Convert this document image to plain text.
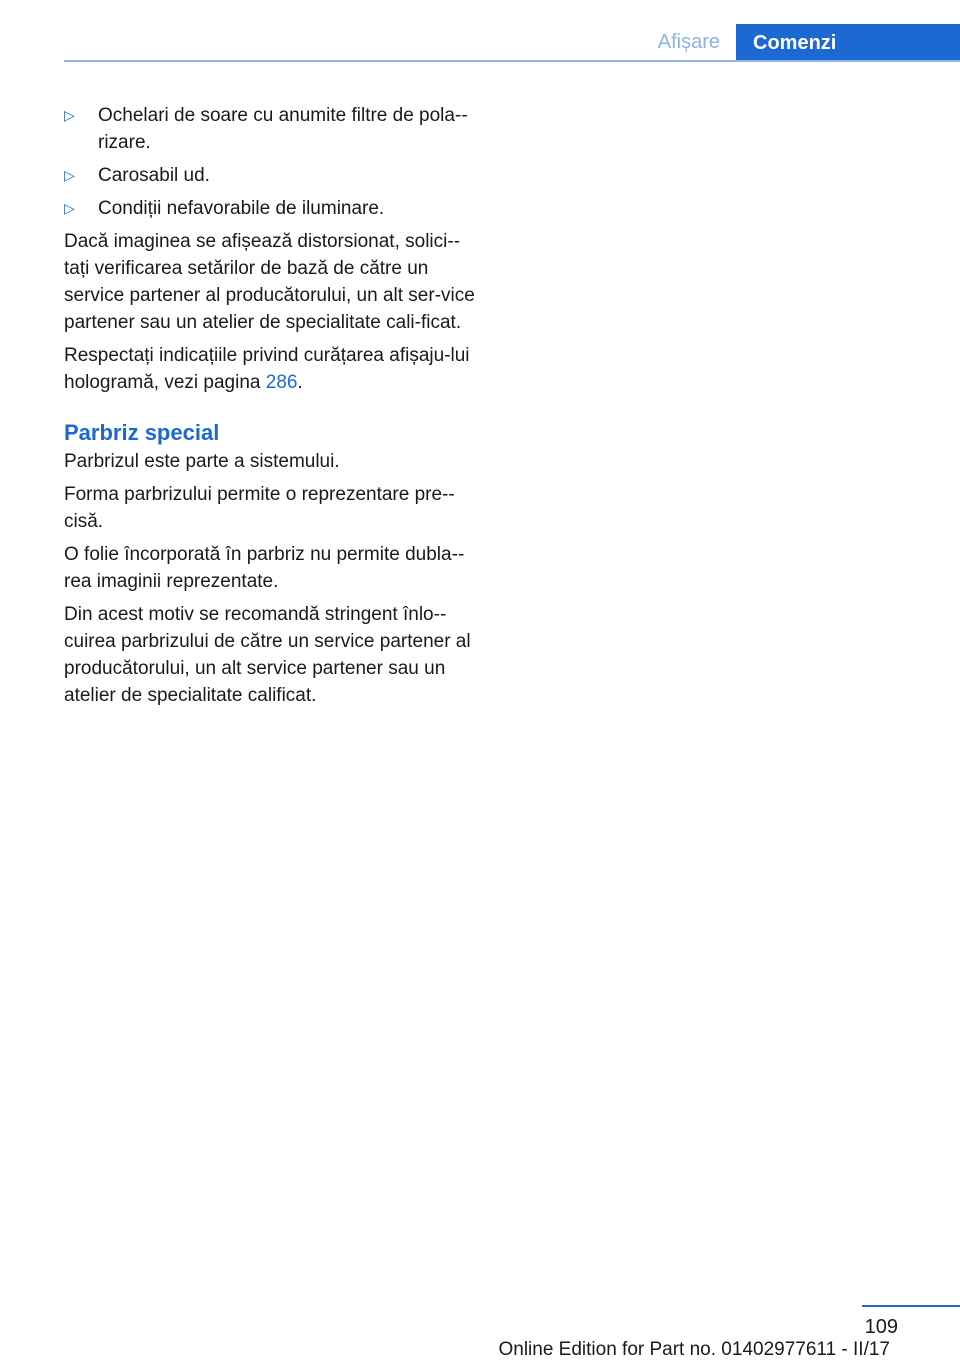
Afișare	Comenzi
▷	Ochelari de soare cu anumite filtre de pola-rizare.
▷	Carosabil ud.
▷	Condiții nefavorabile de iluminare.

Dacă imaginea se afișează distorsionat, solici-tați verificarea setărilor de bază de către un service partener al producătorului, un alt ser-vice partener sau un atelier de specialitate cali-ficat.

Respectați indicațiile privind curățarea afișaju-lui hologramă, vezi pagina 286.

Parbriz special

Parbrizul este parte a sistemului.

Forma parbrizului permite o reprezentare pre-cisă.

O folie încorporată în parbriz nu permite dubla-rea imaginii reprezentate.

Din acest motiv se recomandă stringent înlo-cuirea parbrizului de către un service partener al producătorului, un alt service partener sau un atelier de specialitate calificat.

109
Online Edition for Part no. 01402977611 - II/17
